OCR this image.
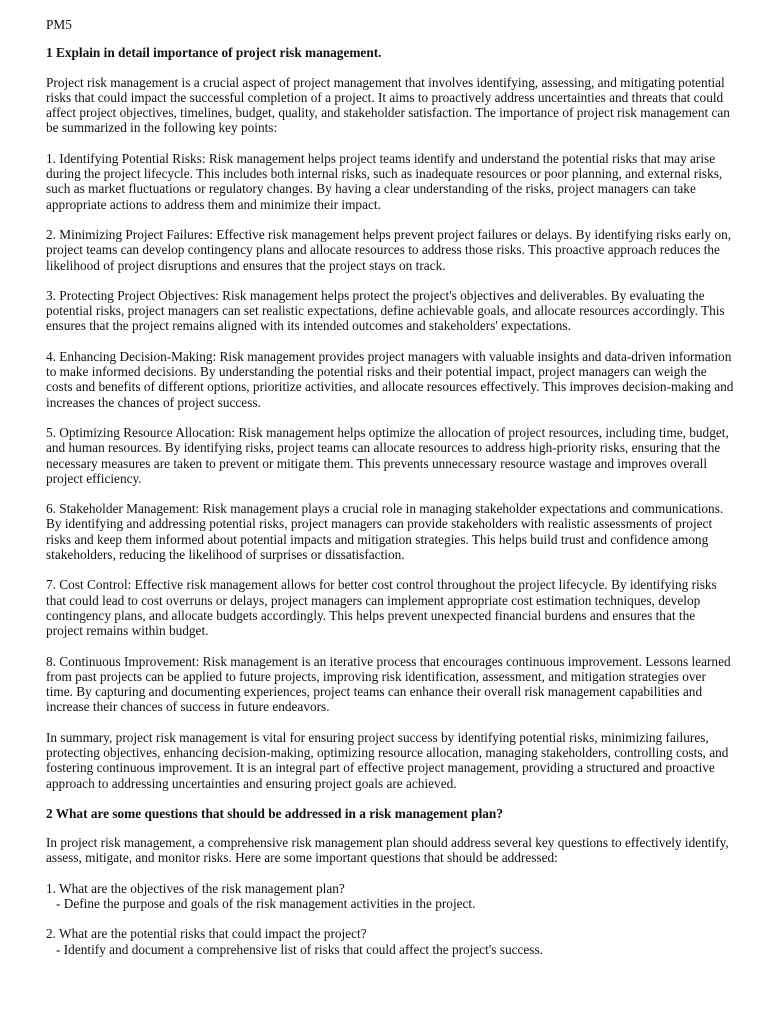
PM5
1 Explain in detail importance of project risk management.

Project risk management is a crucial aspect of project management that involves identifying, assessing, and mitigating potential risks that could impact the successful completion of a project. It aims to proactively address uncertainties and threats that could affect project objectives, timelines, budget, quality, and stakeholder satisfaction. The importance of project risk management can be summarized in the following key points:

1. Identifying Potential Risks: Risk management helps project teams identify and understand the potential risks that may arise during the project lifecycle. This includes both internal risks, such as inadequate resources or poor planning, and external risks, such as market fluctuations or regulatory changes. By having a clear understanding of the risks, project managers can take appropriate actions to address them and minimize their impact.

2. Minimizing Project Failures: Effective risk management helps prevent project failures or delays. By identifying risks early on, project teams can develop contingency plans and allocate resources to address those risks. This proactive approach reduces the likelihood of project disruptions and ensures that the project stays on track.

3. Protecting Project Objectives: Risk management helps protect the project's objectives and deliverables. By evaluating the potential risks, project managers can set realistic expectations, define achievable goals, and allocate resources accordingly. This ensures that the project remains aligned with its intended outcomes and stakeholders' expectations.

4. Enhancing Decision-Making: Risk management provides project managers with valuable insights and data-driven information to make informed decisions. By understanding the potential risks and their potential impact, project managers can weigh the costs and benefits of different options, prioritize activities, and allocate resources effectively. This improves decision-making and increases the chances of project success.

5. Optimizing Resource Allocation: Risk management helps optimize the allocation of project resources, including time, budget, and human resources. By identifying risks, project teams can allocate resources to address high-priority risks, ensuring that the necessary measures are taken to prevent or mitigate them. This prevents unnecessary resource wastage and improves overall project efficiency.

6. Stakeholder Management: Risk management plays a crucial role in managing stakeholder expectations and communications. By identifying and addressing potential risks, project managers can provide stakeholders with realistic assessments of project risks and keep them informed about potential impacts and mitigation strategies. This helps build trust and confidence among stakeholders, reducing the likelihood of surprises or dissatisfaction.

7. Cost Control: Effective risk management allows for better cost control throughout the project lifecycle. By identifying risks that could lead to cost overruns or delays, project managers can implement appropriate cost estimation techniques, develop contingency plans, and allocate budgets accordingly. This helps prevent unexpected financial burdens and ensures that the project remains within budget.

8. Continuous Improvement: Risk management is an iterative process that encourages continuous improvement. Lessons learned from past projects can be applied to future projects, improving risk identification, assessment, and mitigation strategies over time. By capturing and documenting experiences, project teams can enhance their overall risk management capabilities and increase their chances of success in future endeavors.

In summary, project risk management is vital for ensuring project success by identifying potential risks, minimizing failures, protecting objectives, enhancing decision-making, optimizing resource allocation, managing stakeholders, controlling costs, and fostering continuous improvement. It is an integral part of effective project management, providing a structured and proactive approach to addressing uncertainties and ensuring project goals are achieved.

2 What are some questions that should be addressed in a risk management plan?

In project risk management, a comprehensive risk management plan should address several key questions to effectively identify, assess, mitigate, and monitor risks. Here are some important questions that should be addressed:

1. What are the objectives of the risk management plan?
- Define the purpose and goals of the risk management activities in the project.
2. What are the potential risks that could impact the project?
- Identify and document a comprehensive list of risks that could affect the project's success.
